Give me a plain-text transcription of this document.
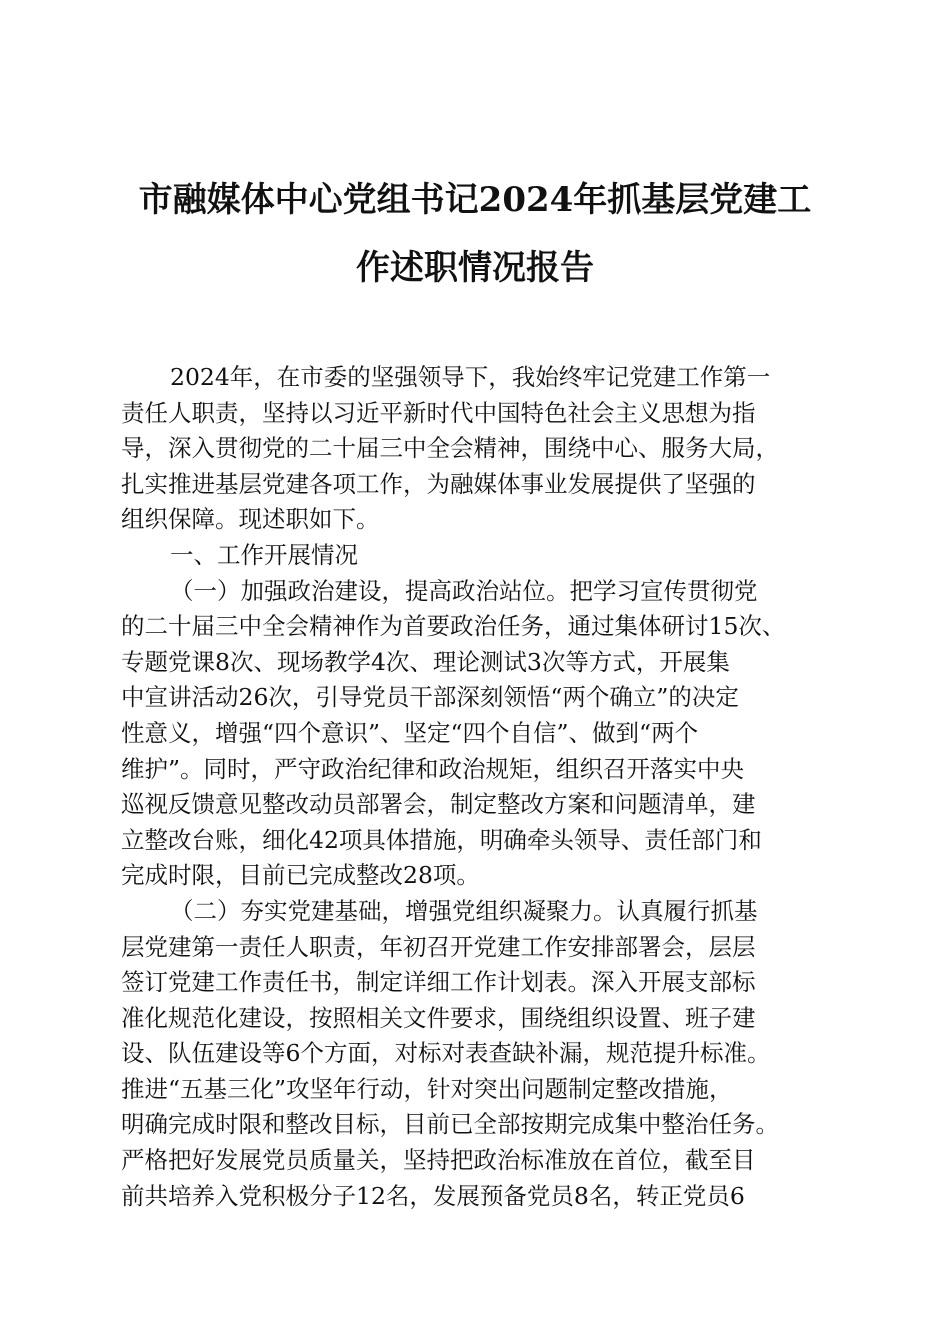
市融媒体中心党组书记2024年抓基层党建工
作述职情况报告
2024年，在市委的坚强领导下，我始终牢记党建工作第一
责任人职责，坚持以习近平新时代中国特色社会主义思想为指
导，深入贯彻党的二十届三中全会精神，围绕中心、服务大局，
扎实推进基层党建各项工作，为融媒体事业发展提供了坚强的
组织保障。现述职如下。
一、工作开展情况
（一）加强政治建设，提高政治站位。把学习宣传贯彻党
的二十届三中全会精神作为首要政治任务，通过集体研讨15次、
专题党课8次、现场教学4次、理论测试3次等方式，开展集
中宣讲活动26次，引导党员干部深刻领悟“两个确立”的决定
性意义，增强“四个意识”、坚定“四个自信”、做到“两个
维护”。同时，严守政治纪律和政治规矩，组织召开落实中央
巡视反馈意见整改动员部署会，制定整改方案和问题清单，建
立整改台账，细化42项具体措施，明确牵头领导、责任部门和
完成时限，目前已完成整改28项。
（二）夯实党建基础，增强党组织凝聚力。认真履行抓基
层党建第一责任人职责，年初召开党建工作安排部署会，层层
签订党建工作责任书，制定详细工作计划表。深入开展支部标
准化规范化建设，按照相关文件要求，围绕组织设置、班子建
设、队伍建设等6个方面，对标对表查缺补漏，规范提升标准。
推进“五基三化”攻坚年行动，针对突出问题制定整改措施，
明确完成时限和整改目标，目前已全部按期完成集中整治任务。
严格把好发展党员质量关，坚持把政治标准放在首位，截至目
前共培养入党积极分子12名，发展预备党员8名，转正党员6
